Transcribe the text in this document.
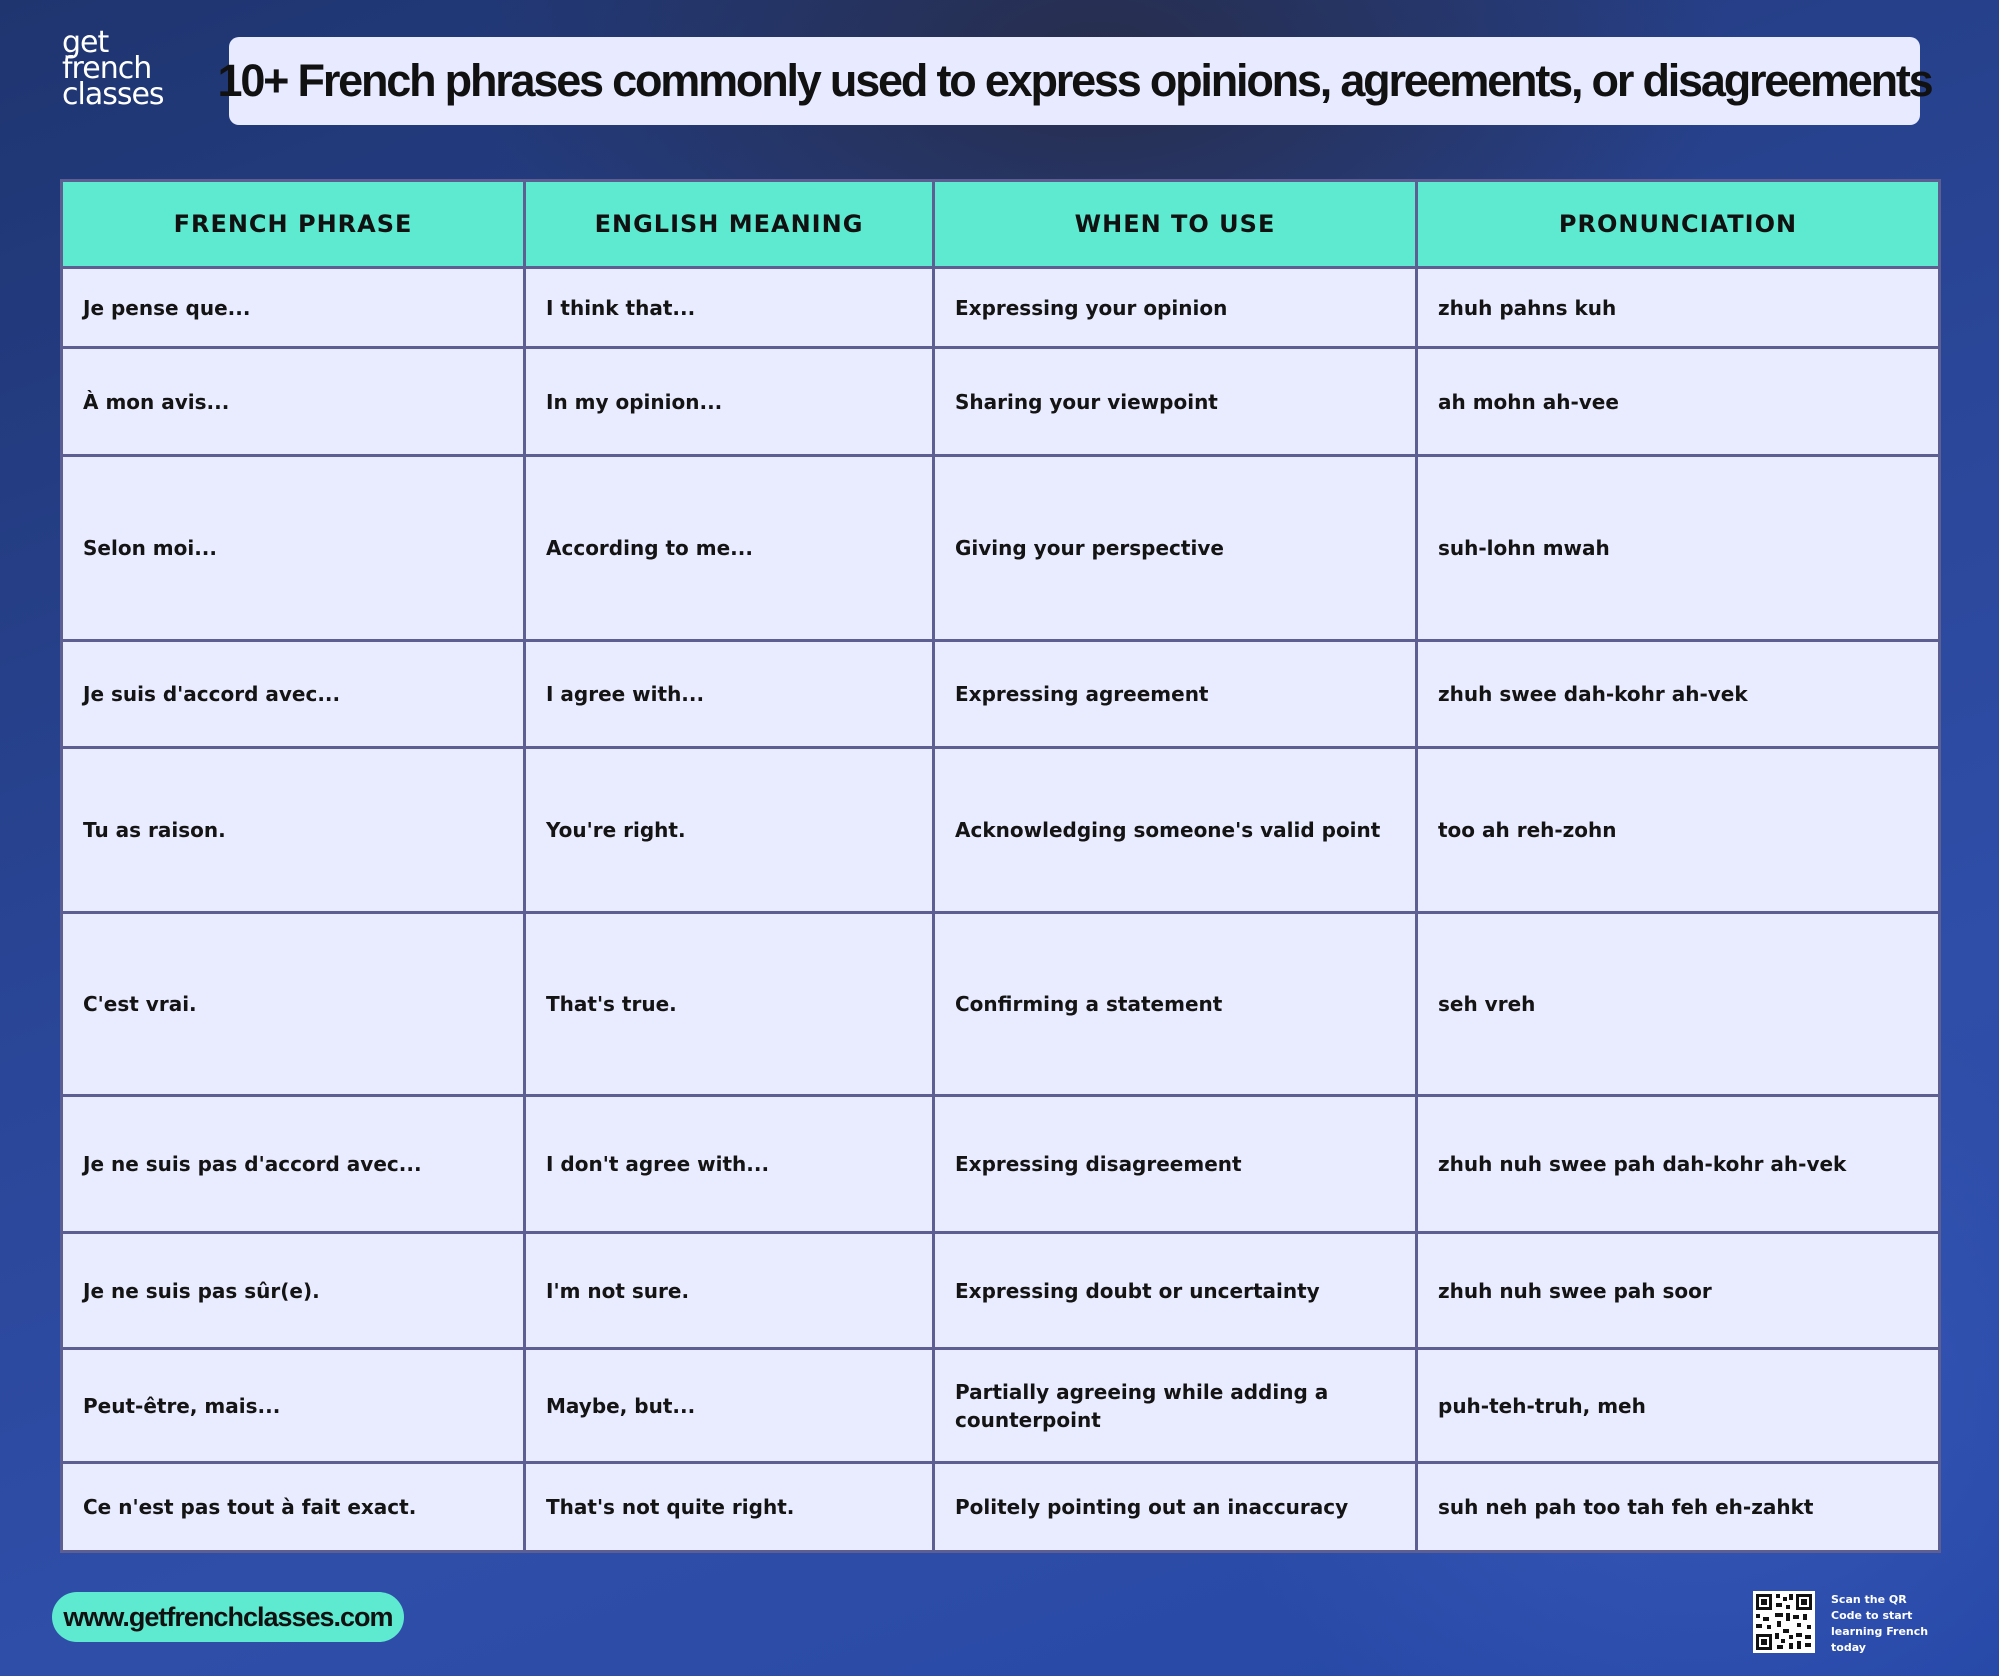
get
french
classes 10+ French phrases commonly used to express opinions, agreements, or disagreements
FRENCH PHRASE	ENGLISH MEANING	WHEN TO USE	PRONUNCIATION
Je pense que...	I think that...	Expressing your opinion	zhuh pahns kuh
À mon avis...	In my opinion...	Sharing your viewpoint	ah mohn ah-vee
Selon moi...	According to me...	Giving your perspective	suh-lohn mwah
Je suis d'accord avec...	I agree with...	Expressing agreement	zhuh swee dah-kohr ah-vek
Tu as raison.	You're right.	Acknowledging someone's valid point	too ah reh-zohn
C'est vrai.	That's true.	Confirming a statement	seh vreh
Je ne suis pas d'accord avec...	I don't agree with...	Expressing disagreement	zhuh nuh swee pah dah-kohr ah-vek
Je ne suis pas sûr(e).	I'm not sure.	Expressing doubt or uncertainty	zhuh nuh swee pah soor
Peut-être, mais...	Maybe, but...	Partially agreeing while adding a counterpoint	puh-teh-truh, meh
Ce n'est pas tout à fait exact.	That's not quite right.	Politely pointing out an inaccuracy	suh neh pah too tah feh eh-zahkt
www.getfrenchclasses.com
Scan the QR Code to start learning French today
